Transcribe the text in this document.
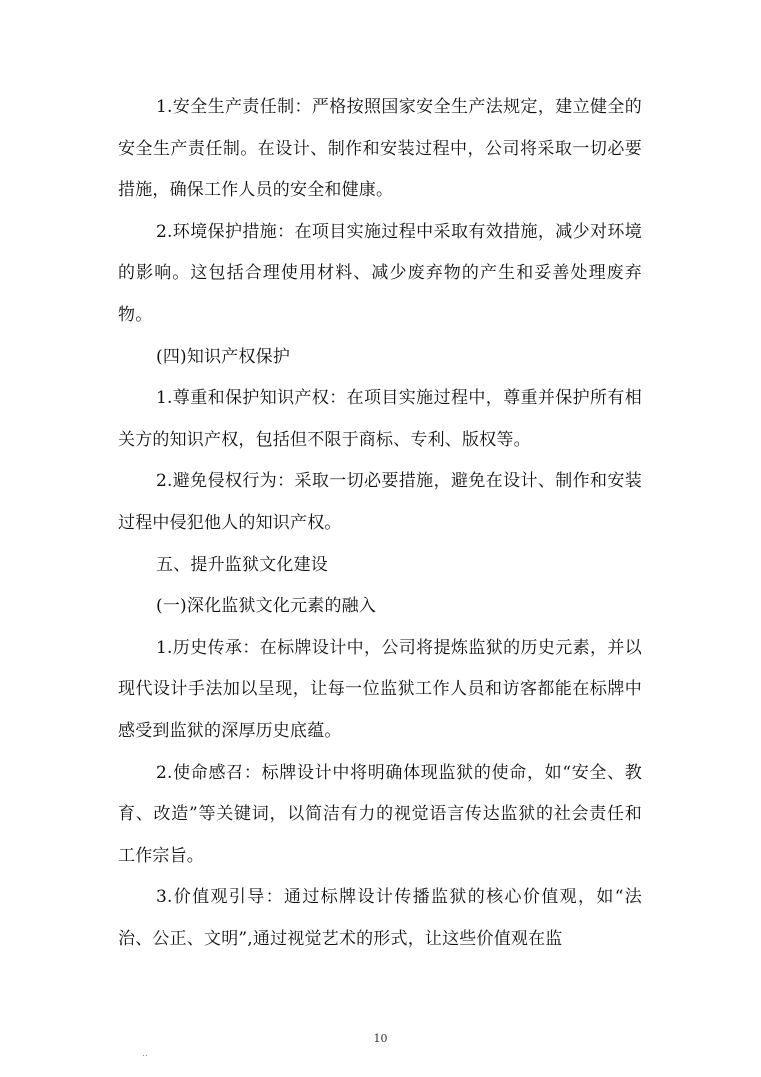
1.安全生产责任制：严格按照国家安全生产法规定，建立健全的安全生产责任制。在设计、制作和安装过程中，公司将采取一切必要措施，确保工作人员的安全和健康。

2.环境保护措施：在项目实施过程中采取有效措施，减少对环境的影响。这包括合理使用材料、减少废弃物的产生和妥善处理废弃物。

(四)知识产权保护

1.尊重和保护知识产权：在项目实施过程中，尊重并保护所有相关方的知识产权，包括但不限于商标、专利、版权等。

2.避免侵权行为：采取一切必要措施，避免在设计、制作和安装过程中侵犯他人的知识产权。

五、提升监狱文化建设

(一)深化监狱文化元素的融入

1.历史传承：在标牌设计中，公司将提炼监狱的历史元素，并以现代设计手法加以呈现，让每一位监狱工作人员和访客都能在标牌中感受到监狱的深厚历史底蕴。

2.使命感召：标牌设计中将明确体现监狱的使命，如“安全、教育、改造”等关键词，以简洁有力的视觉语言传达监狱的社会责任和工作宗旨。

3.价值观引导：通过标牌设计传播监狱的核心价值观，如“法治、公正、文明”,通过视觉艺术的形式，让这些价值观在监

10
..
